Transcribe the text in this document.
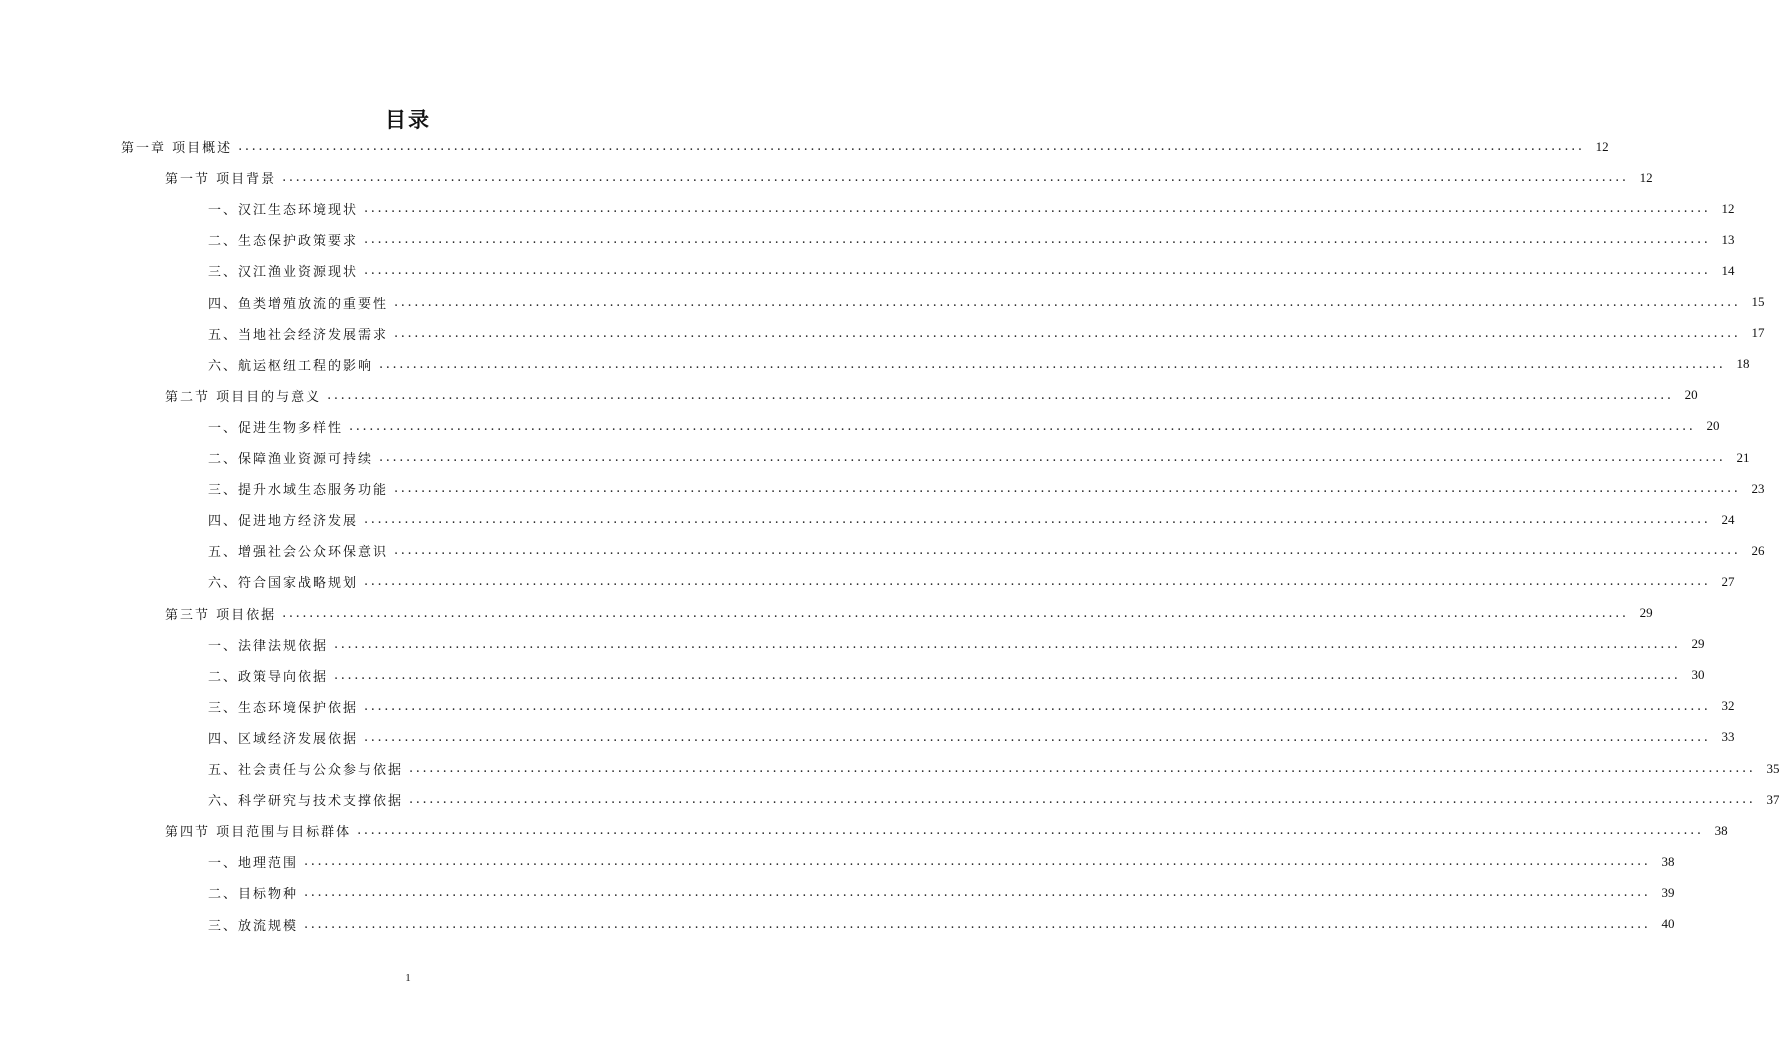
目录
第一章 项目概述 ........................................................................................................................................................................................................ 12
第一节 项目背景 ........................................................................................................................................................................................................ 12
一、汉江生态环境现状 ........................................................................................................................................................................................................ 12
二、生态保护政策要求 ........................................................................................................................................................................................................ 13
三、汉江渔业资源现状 ........................................................................................................................................................................................................ 14
四、鱼类增殖放流的重要性 ........................................................................................................................................................................................................ 15
五、当地社会经济发展需求 ........................................................................................................................................................................................................ 17
六、航运枢纽工程的影响 ........................................................................................................................................................................................................ 18
第二节 项目目的与意义 ........................................................................................................................................................................................................ 20
一、促进生物多样性 ........................................................................................................................................................................................................ 20
二、保障渔业资源可持续 ........................................................................................................................................................................................................ 21
三、提升水域生态服务功能 ........................................................................................................................................................................................................ 23
四、促进地方经济发展 ........................................................................................................................................................................................................ 24
五、增强社会公众环保意识 ........................................................................................................................................................................................................ 26
六、符合国家战略规划 ........................................................................................................................................................................................................ 27
第三节 项目依据 ........................................................................................................................................................................................................ 29
一、法律法规依据 ........................................................................................................................................................................................................ 29
二、政策导向依据 ........................................................................................................................................................................................................ 30
三、生态环境保护依据 ........................................................................................................................................................................................................ 32
四、区域经济发展依据 ........................................................................................................................................................................................................ 33
五、社会责任与公众参与依据 ........................................................................................................................................................................................................ 35
六、科学研究与技术支撑依据 ........................................................................................................................................................................................................ 37
第四节 项目范围与目标群体 ........................................................................................................................................................................................................ 38
一、地理范围 ........................................................................................................................................................................................................ 38
二、目标物种 ........................................................................................................................................................................................................ 39
三、放流规模 ........................................................................................................................................................................................................ 40
1
